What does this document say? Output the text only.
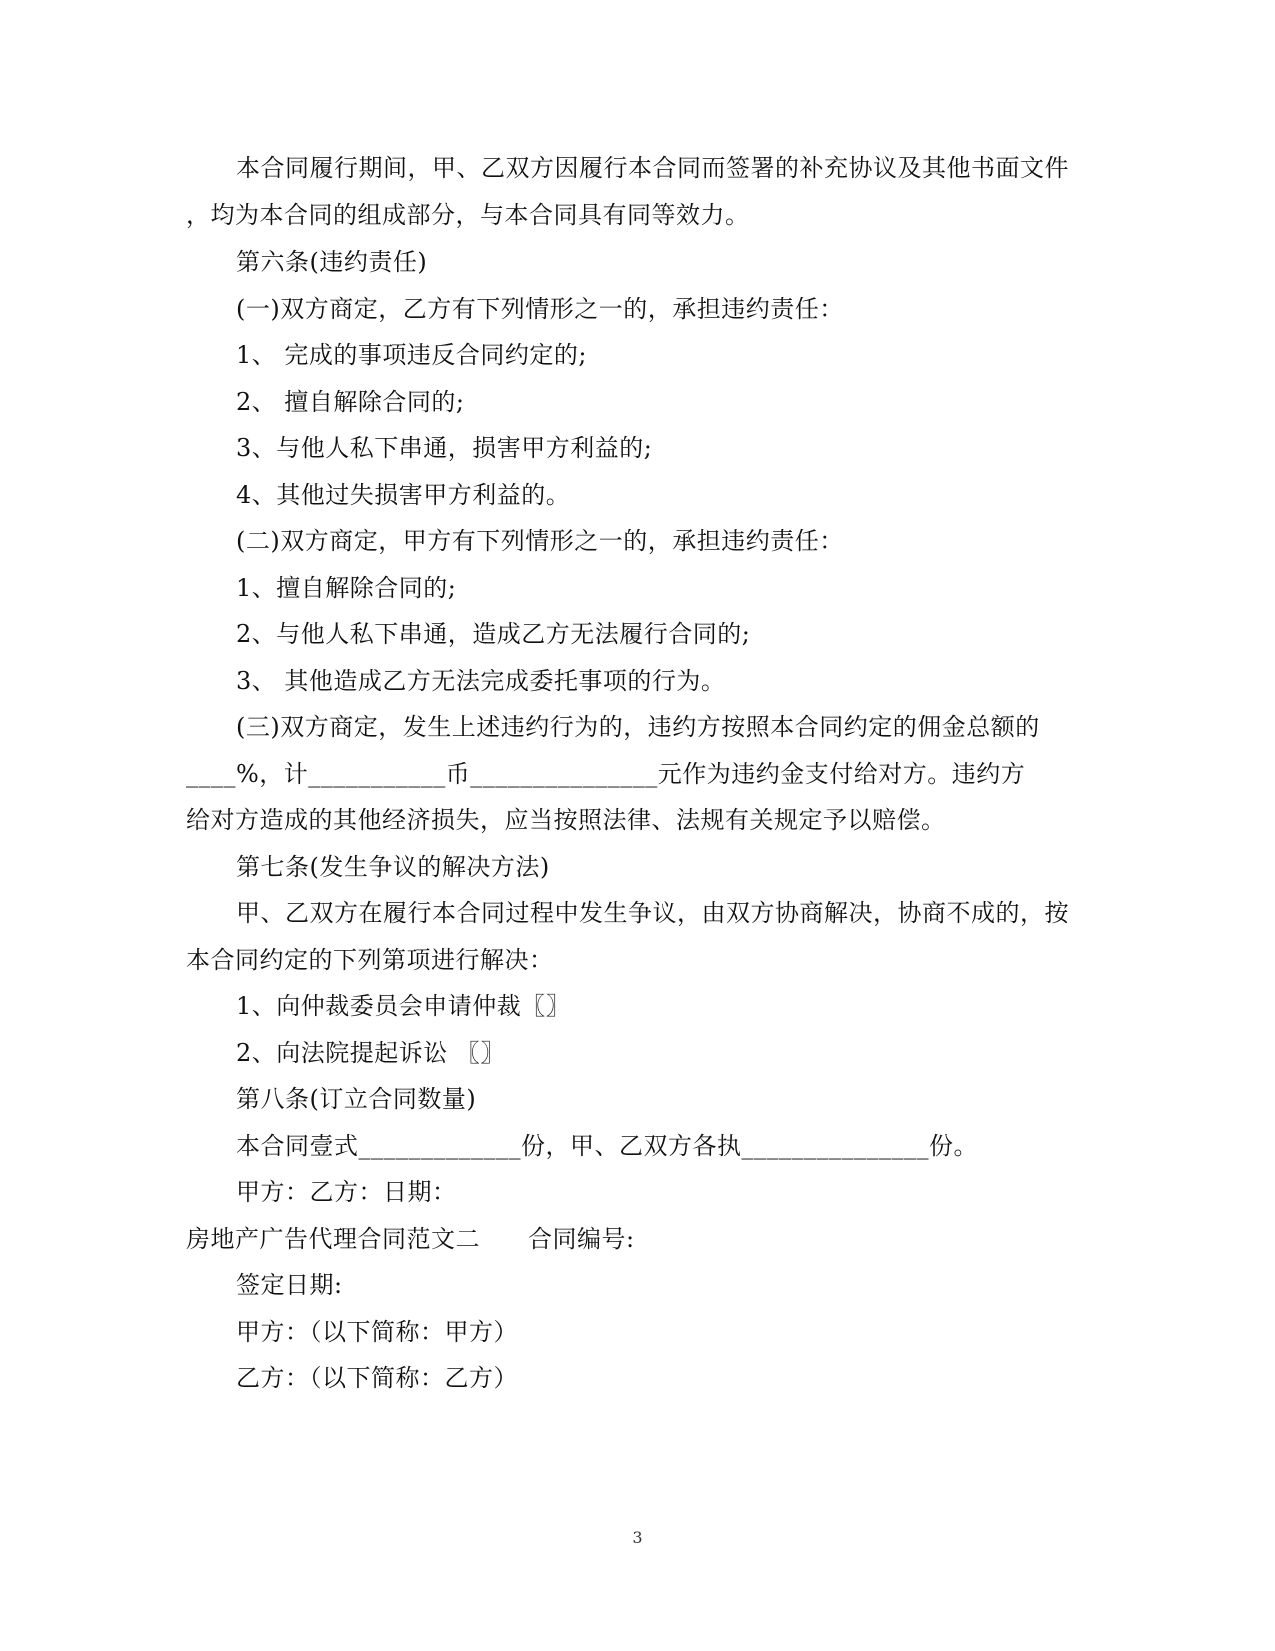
本合同履行期间，甲、乙双方因履行本合同而签署的补充协议及其他书面文件
，均为本合同的组成部分，与本合同具有同等效力。
第六条(违约责任)
(一)双方商定，乙方有下列情形之一的，承担违约责任：
1、 完成的事项违反合同约定的;
2、 擅自解除合同的;
3、与他人私下串通，损害甲方利益的;
4、其他过失损害甲方利益的。
(二)双方商定，甲方有下列情形之一的，承担违约责任：
1、擅自解除合同的;
2、与他人私下串通，造成乙方无法履行合同的;
3、 其他造成乙方无法完成委托事项的行为。
(三)双方商定，发生上述违约行为的，违约方按照本合同约定的佣金总额的
____%，计___________币_______________元作为违约金支付给对方。违约方
给对方造成的其他经济损失，应当按照法律、法规有关规定予以赔偿。
第七条(发生争议的解决方法)
甲、乙双方在履行本合同过程中发生争议，由双方协商解决，协商不成的，按
本合同约定的下列第项进行解决：
1、向仲裁委员会申请仲裁〖〗
2、向法院提起诉讼 〖〗
第八条(订立合同数量)
本合同壹式_____________份，甲、乙双方各执_______________份。
甲方：乙方：日期：
房地产广告代理合同范文二 合同编号:
签定日期:
甲方：（以下简称：甲方）
乙方：（以下简称：乙方）
3
